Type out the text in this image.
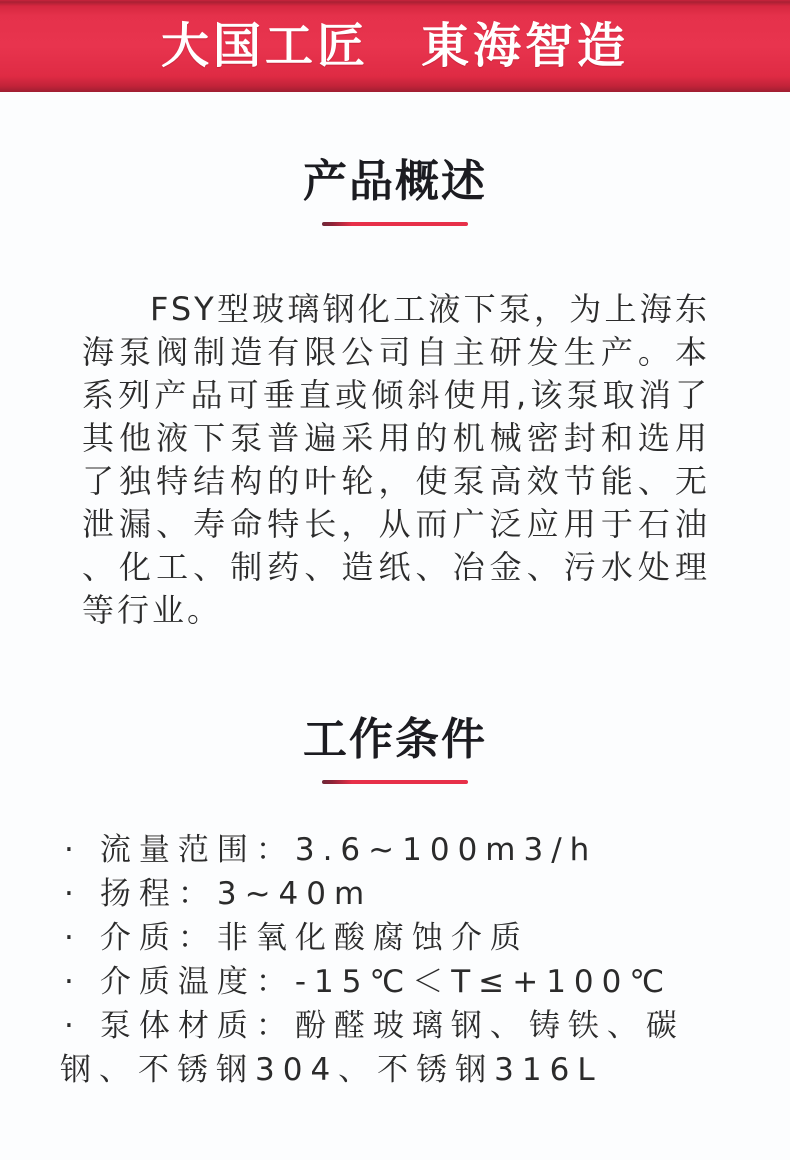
大国工匠　東海智造
产品概述
FSY型玻璃钢化工液下泵，为上海东
海泵阀制造有限公司自主研发生产。本
系列产品可垂直或倾斜使用,该泵取消了
其他液下泵普遍采用的机械密封和选用
了独特结构的叶轮，使泵高效节能、无
泄漏、寿命特长，从而广泛应用于石油
、化工、制药、造纸、冶金、污水处理
等行业。
工作条件
· 流量范围：3.6~100m3/h
· 扬程：3~40m
· 介质：非氧化酸腐蚀介质
· 介质温度：-15℃＜T≤+100℃
· 泵体材质：酚醛玻璃钢、铸铁、碳钢、不锈钢304、不锈钢316L
